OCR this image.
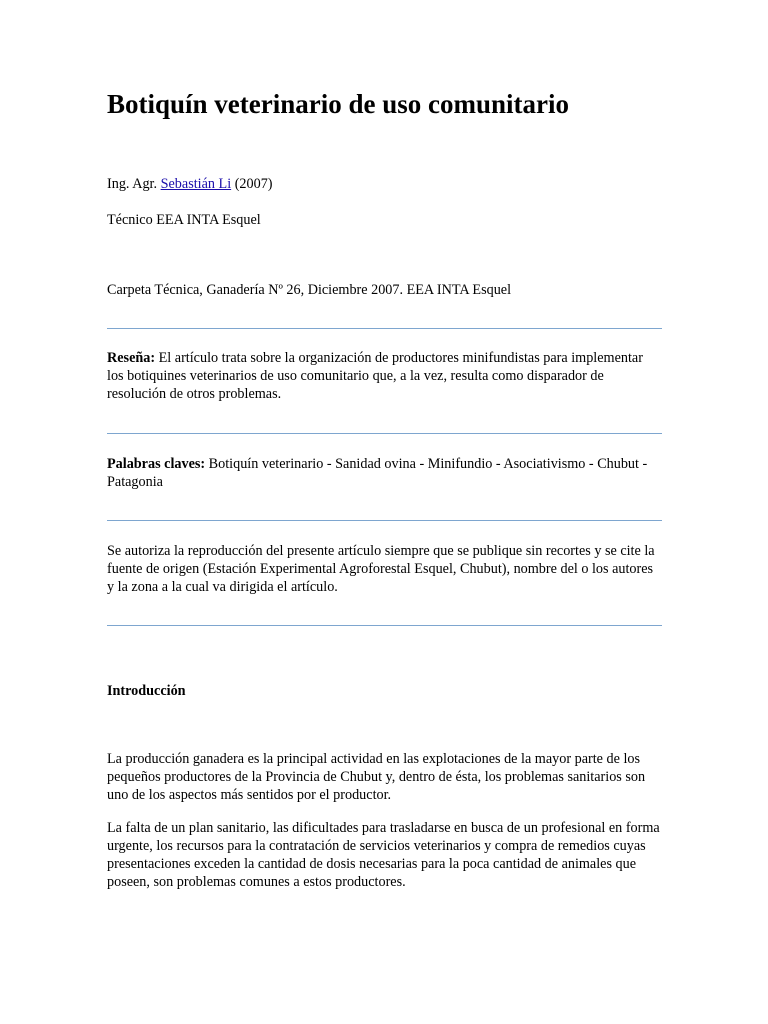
Botiquín veterinario de uso comunitario

Ing. Agr. Sebastián Li (2007)

Técnico EEA INTA Esquel

Carpeta Técnica, Ganadería Nº 26, Diciembre 2007. EEA INTA Esquel

Reseña: El artículo trata sobre la organización de productores minifundistas para implementar los botiquines veterinarios de uso comunitario que, a la vez, resulta como disparador de resolución de otros problemas.

Palabras claves: Botiquín veterinario - Sanidad ovina - Minifundio - Asociativismo - Chubut - Patagonia

Se autoriza la reproducción del presente artículo siempre que se publique sin recortes y se cite la fuente de origen (Estación Experimental Agroforestal Esquel, Chubut), nombre del o los autores y la zona a la cual va dirigida el artículo.

Introducción

La producción ganadera es la principal actividad en las explotaciones de la mayor parte de los pequeños productores de la Provincia de Chubut y, dentro de ésta, los problemas sanitarios son uno de los aspectos más sentidos por el productor.

La falta de un plan sanitario, las dificultades para trasladarse en busca de un profesional en forma urgente, los recursos para la contratación de servicios veterinarios y compra de remedios cuyas presentaciones exceden la cantidad de dosis necesarias para la poca cantidad de animales que poseen, son problemas comunes a estos productores.
